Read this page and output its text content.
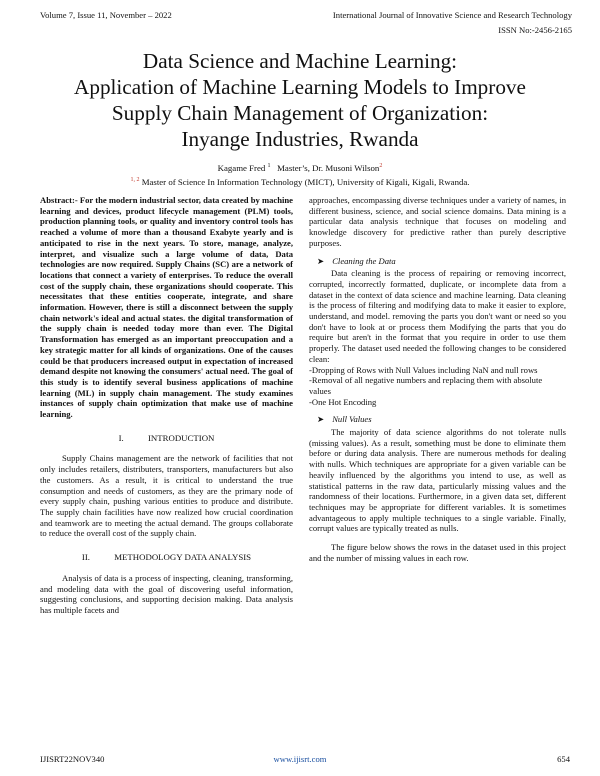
Volume 7, Issue 11, November – 2022	International Journal of Innovative Science and Research Technology
ISSN No:-2456-2165
Data Science and Machine Learning:
Application of Machine Learning Models to Improve
Supply Chain Management of Organization:
Inyange Industries, Rwanda
Kagame Fred $^1$ Master’s, Dr. Musoni Wilson$^2$
$^{1, 2}$ Master of Science In Information Technology (MICT), University of Kigali, Kigali, Rwanda.

Abstract:- For the modern industrial sector, data created by machine learning and devices, product lifecycle management (PLM) tools, production planning tools, or quality and inventory control tools has reached a volume of more than a thousand Exabyte yearly and is anticipated to rise in the next years. To store, manage, analyze, interpret, and visualize such a large volume of data, Data technologies are now required. Supply Chains (SC) are a network of locations that connect a variety of enterprises. To reduce the overall cost of the supply chain, these organizations should cooperate. This necessitates that these entities cooperate, integrate, and share information. However, there is still a disconnect between the supply chain network's ideal and actual states. the digital transformation of the supply chain is needed today more than ever. The Digital Transformation has emerged as an important preoccupation and a key strategic matter for all kinds of organizations. One of the causes could be that producers increased output in expectation of increased demand despite not knowing the consumers' actual need. The goal of this study is to identify several business applications of machine learning (ML) in supply chain management. The study examines instances of supply chain optimization that make use of machine learning.

I.	INTRODUCTION

Supply Chains management are the network of facilities that not only includes retailers, distributers, transporters, manufacturers but also the customers. As a result, it is critical to understand the true consumption and needs of customers, as they are the primary node of every supply chain, pushing various entities to produce and distribute. The supply chain facilities have now realized how crucial coordination and teamwork are to meeting the actual demand. The groups collaborate to reduce the overall cost of the supply chain.

II.	METHODOLOGY DATA ANALYSIS

Analysis of data is a process of inspecting, cleaning, transforming, and modeling data with the goal of discovering useful information, suggesting conclusions, and supporting decision making. Data analysis has multiple facets and

approaches, encompassing diverse techniques under a variety of names, in different business, science, and social science domains. Data mining is a particular data analysis technique that focuses on modeling and knowledge discovery for predictive rather than purely descriptive purposes.

➤ Cleaning the Data

Data cleaning is the process of repairing or removing incorrect, corrupted, incorrectly formatted, duplicate, or incomplete data from a dataset in the context of data science and machine learning. Data cleaning is the process of filtering and modifying data to make it easier to explore, understand, and model. removing the parts you don't want or need so you don't have to look at or process them Modifying the parts that you do require but aren't in the format that you require in order to use them properly. The dataset used needed the following changes to be considered clean:

-Dropping of Rows with Null Values including NaN and null rows

-Removal of all negative numbers and replacing them with absolute values

-One Hot Encoding

➤ Null Values

The majority of data science algorithms do not tolerate nulls (missing values). As a result, something must be done to eliminate them before or during data analysis. There are numerous methods for dealing with nulls. Which techniques are appropriate for a given variable can be heavily influenced by the algorithms you intend to use, as well as statistical patterns in the raw data, particularly missing values and the randomness of their locations. Furthermore, in a given data set, different techniques may be appropriate for different variables. It is sometimes advantageous to apply multiple techniques to a single variable. Finally, corrupt values are typically treated as nulls.

The figure below shows the rows in the dataset used in this project and the number of missing values in each row.

IJISRT22NOV340	www.ijisrt.com	654
